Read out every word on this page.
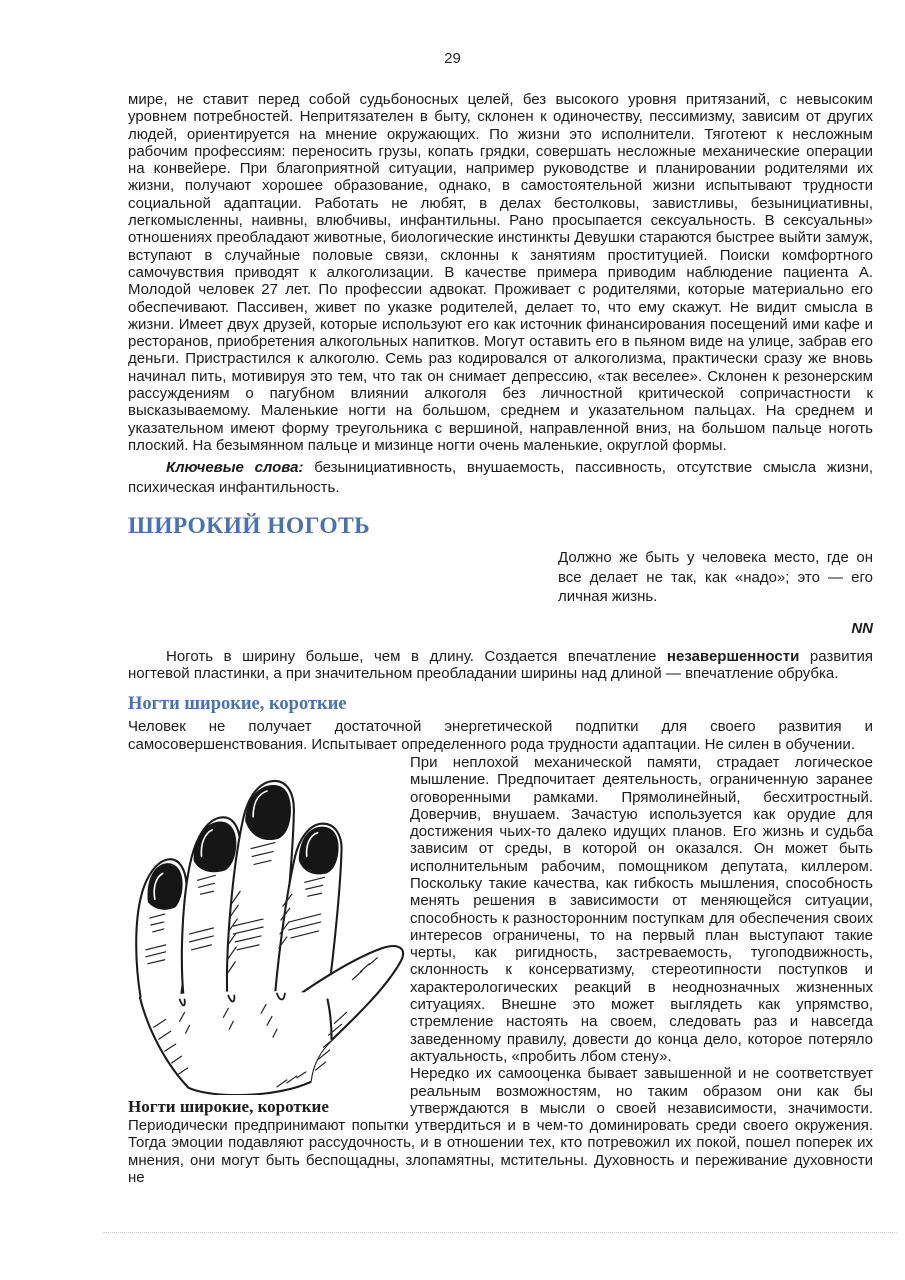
29

мире, не ставит перед собой судьбоносных целей, без высокого уровня притязаний, с невысоким уровнем потребностей. Непритязателен в быту, склонен к одиночеству, пессимизму, зависим от других людей, ориентируется на мнение окружающих. По жизни это исполнители. Тяготеют к несложным рабочим профессиям: переносить грузы, копать грядки, совершать несложные механические операции на конвейере. При благоприятной ситуации, например руководстве и планировании родителями их жизни, получают хорошее образование, однако, в самостоятельной жизни испытывают трудности социальной адаптации. Работать не любят, в делах бестолковы, завистливы, безынициативны, легкомысленны, наивны, влюбчивы, инфантильны. Рано просыпается сексуальность. В сексуальны» отношениях преобладают животные, биологические инстинкты Девушки стараются быстрее выйти замуж, вступают в случайные половые связи, склонны к занятиям проституцией. Поиски комфортного самочувствия приводят к алкоголизации. В качестве примера приводим наблюдение пациента А. Молодой человек 27 лет. По профессии адвокат. Проживает с родителями, которые материально его обеспечивают. Пассивен, живет по указке родителей, делает то, что ему скажут. Не видит смысла в жизни. Имеет двух друзей, которые используют его как источник финансирования посещений ими кафе и ресторанов, приобретения алкогольных напитков. Могут оставить его в пьяном виде на улице, забрав его деньги. Пристрастился к алкоголю. Семь раз кодировался от алкоголизма, практически сразу же вновь начинал пить, мотивируя это тем, что так он снимает депрессию, «так веселее». Склонен к резонерским рассуждениям о пагубном влиянии алкоголя без личностной критической сопричастности к высказываемому. Маленькие ногти на большом, среднем и указательном пальцах. На среднем и указательном имеют форму треугольника с вершиной, направленной вниз, на большом пальце ноготь плоский. На безымянном пальце и мизинце ногти очень маленькие, округлой формы.

Ключевые слова: безынициативность, внушаемость, пассивность, отсутствие смысла жизни, психическая инфантильность.

ШИРОКИЙ НОГОТЬ

Должно же быть у человека место, где он все делает не так, как «надо»; это — его личная жизнь.

NN

Ноготь в ширину больше, чем в длину. Создается впечатление незавершенности развития ногтевой пластинки, а при значительном преобладании ширины над длиной — впечатление обрубка.

Ногти широкие, короткие

Человек не получает достаточной энергетической подпитки для своего развития и самосовершенствования. Испытывает определенного рода трудности адаптации. Не силен в обучении.

Ногти широкие, короткие

При неплохой механической памяти, страдает логическое мышление. Предпочитает деятельность, ограниченную заранее оговоренными рамками. Прямолинейный, бесхитростный. Доверчив, внушаем. Зачастую используется как орудие для достижения чьих-то далеко идущих планов. Его жизнь и судьба зависим от среды, в которой он оказался. Он может быть исполнительным рабочим, помощником депутата, киллером. Поскольку такие качества, как гибкость мышления, способность менять решения в зависимости от меняющейся ситуации, способность к разносторонним поступкам для обеспечения своих интересов ограничены, то на первый план выступают такие черты, как ригидность, застреваемость, тугоподвижность, склонность к консерватизму, стереотипности поступков и характерологических реакций в неоднозначных жизненных ситуациях. Внешне это может выглядеть как упрямство, стремление настоять на своем, следовать раз и навсегда заведенному правилу, довести до конца дело, которое потеряло актуальность, «пробить лбом стену».

Нередко их самооценка бывает завышенной и не соответствует реальным возможностям, но таким образом они как бы утверждаются в мысли о своей независимости, значимости. Периодически предпринимают попытки утвердиться и в чем-то доминировать среди своего окружения. Тогда эмоции подавляют рассудочность, и в отношении тех, кто потревожил их покой, пошел поперек их мнения, они могут быть беспощадны, злопамятны, мстительны. Духовность и переживание духовности не
